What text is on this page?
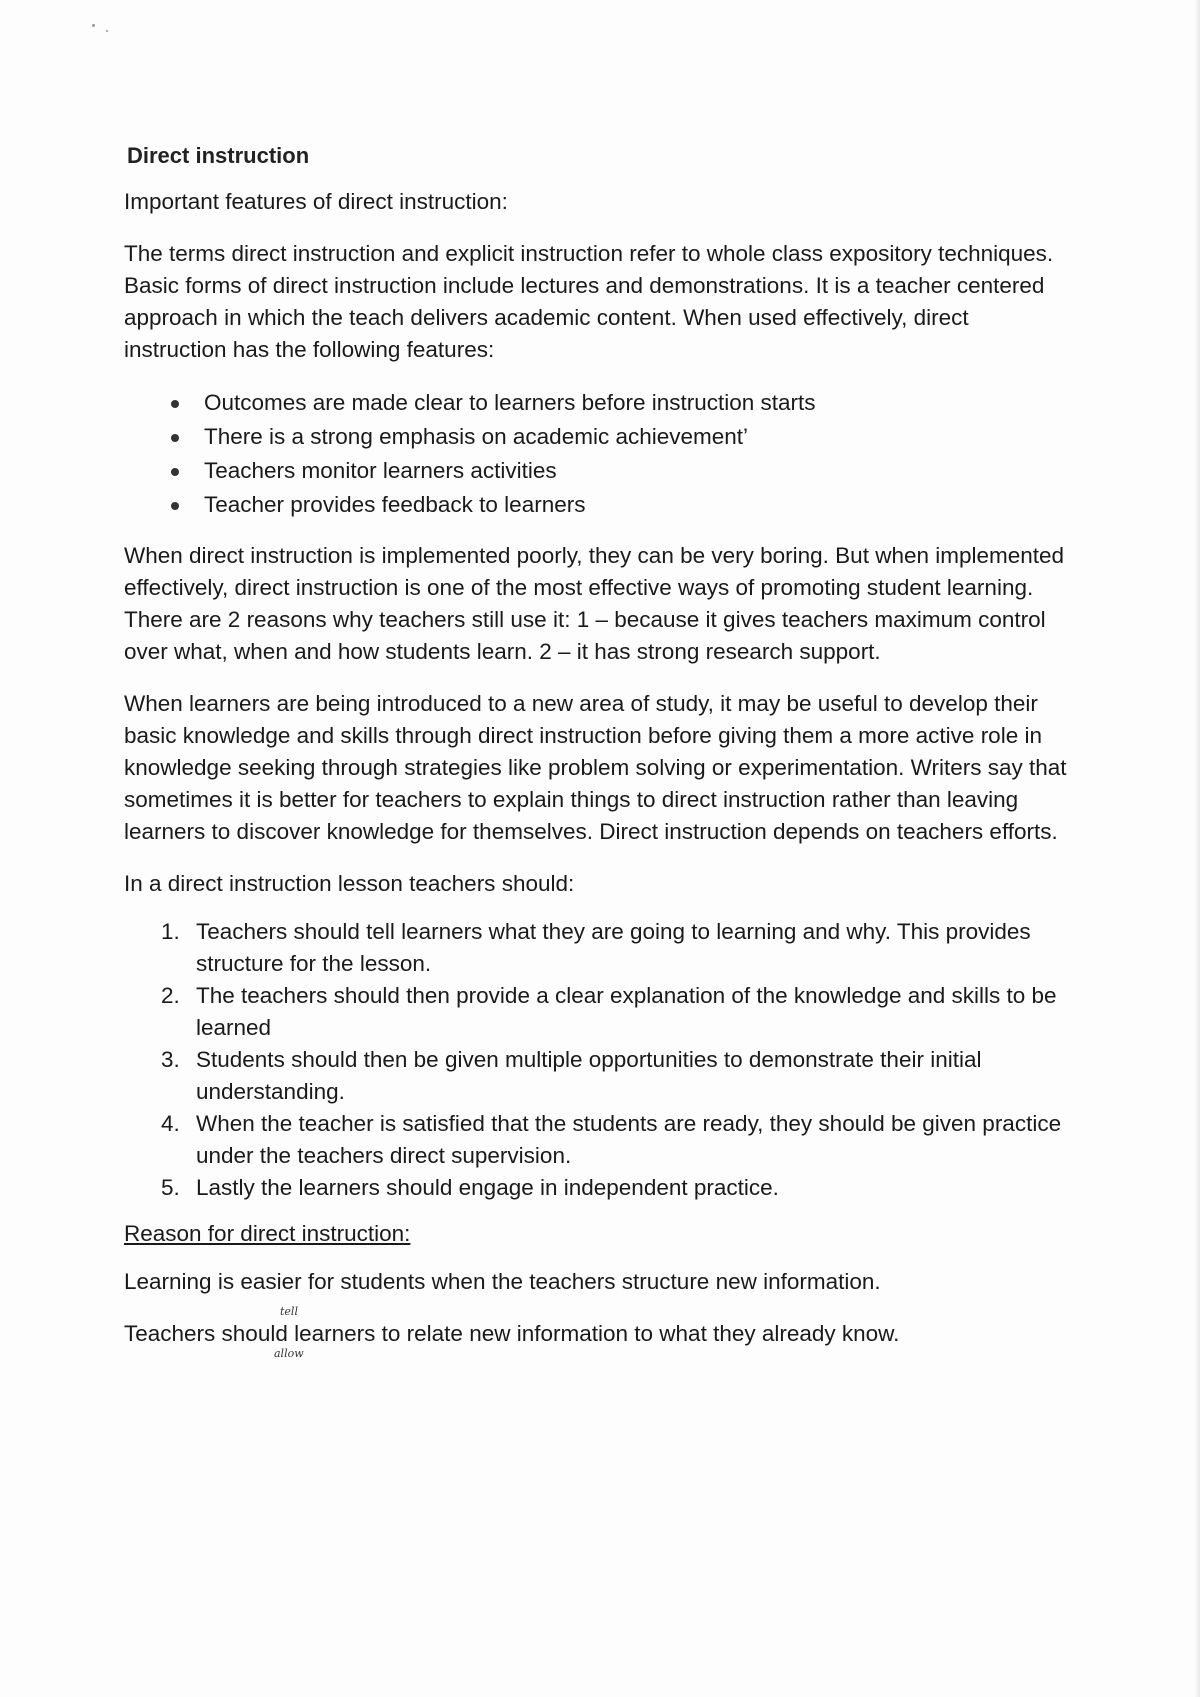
Direct instruction

Important features of direct instruction:

The terms direct instruction and explicit instruction refer to whole class expository techniques. Basic forms of direct instruction include lectures and demonstrations. It is a teacher centered approach in which the teach delivers academic content. When used effectively, direct instruction has the following features:

Outcomes are made clear to learners before instruction starts
There is a strong emphasis on academic achievement’
Teachers monitor learners activities
Teacher provides feedback to learners

When direct instruction is implemented poorly, they can be very boring. But when implemented effectively, direct instruction is one of the most effective ways of promoting student learning. There are 2 reasons why teachers still use it: 1 – because it gives teachers maximum control over what, when and how students learn. 2 – it has strong research support.

When learners are being introduced to a new area of study, it may be useful to develop their basic knowledge and skills through direct instruction before giving them a more active role in knowledge seeking through strategies like problem solving or experimentation. Writers say that sometimes it is better for teachers to explain things to direct instruction rather than leaving learners to discover knowledge for themselves. Direct instruction depends on teachers efforts.

In a direct instruction lesson teachers should:

1. Teachers should tell learners what they are going to learning and why. This provides structure for the lesson.
2. The teachers should then provide a clear explanation of the knowledge and skills to be learned
3. Students should then be given multiple opportunities to demonstrate their initial understanding.
4. When the teacher is satisfied that the students are ready, they should be given practice under the teachers direct supervision.
5. Lastly the learners should engage in independent practice.

Reason for direct instruction:

Learning is easier for students when the teachers structure new information.

tell
Teachers should learners to relate new information to what they already know.
allow
